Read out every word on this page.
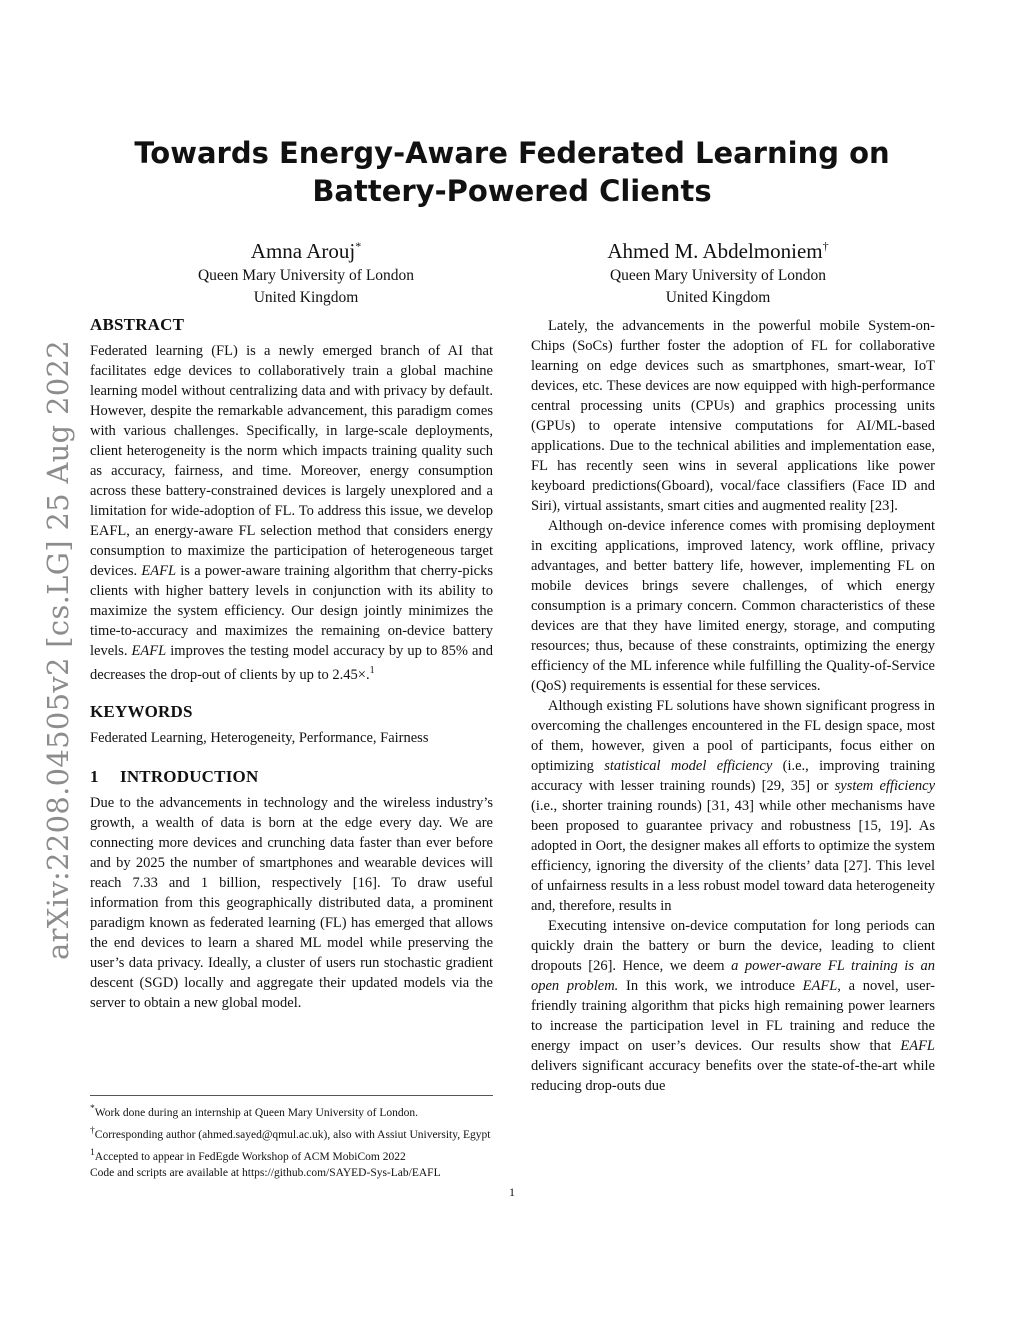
arXiv:2208.04505v2 [cs.LG] 25 Aug 2022
Towards Energy-Aware Federated Learning on
Battery-Powered Clients
Amna Arouj*
Queen Mary University of London
United Kingdom
Ahmed M. Abdelmoniem†
Queen Mary University of London
United Kingdom
ABSTRACT

Federated learning (FL) is a newly emerged branch of AI that facilitates edge devices to collaboratively train a global machine learning model without centralizing data and with privacy by default. However, despite the remarkable advancement, this paradigm comes with various challenges. Specifically, in large-scale deployments, client heterogeneity is the norm which impacts training quality such as accuracy, fairness, and time. Moreover, energy consumption across these battery-constrained devices is largely unexplored and a limitation for wide-adoption of FL. To address this issue, we develop EAFL, an energy-aware FL selection method that considers energy consumption to maximize the participation of heterogeneous target devices. EAFL is a power-aware training algorithm that cherry-picks clients with higher battery levels in conjunction with its ability to maximize the system efficiency. Our design jointly minimizes the time-to-accuracy and maximizes the remaining on-device battery levels. EAFL improves the testing model accuracy by up to 85% and decreases the drop-out of clients by up to 2.45×.$^1$

KEYWORDS

Federated Learning, Heterogeneity, Performance, Fairness

1 INTRODUCTION

Due to the advancements in technology and the wireless industry’s growth, a wealth of data is born at the edge every day. We are connecting more devices and crunching data faster than ever before and by 2025 the number of smartphones and wearable devices will reach 7.33 and 1 billion, respectively [16]. To draw useful information from this geographically distributed data, a prominent paradigm known as federated learning (FL) has emerged that allows the end devices to learn a shared ML model while preserving the user’s data privacy. Ideally, a cluster of users run stochastic gradient descent (SGD) locally and aggregate their updated models via the server to obtain a new global model.

Lately, the advancements in the powerful mobile System-on-Chips (SoCs) further foster the adoption of FL for collaborative learning on edge devices such as smartphones, smart-wear, IoT devices, etc. These devices are now equipped with high-performance central processing units (CPUs) and graphics processing units (GPUs) to operate intensive computations for AI/ML-based applications. Due to the technical abilities and implementation ease, FL has recently seen wins in several applications like power keyboard predictions(Gboard), vocal/face classifiers (Face ID and Siri), virtual assistants, smart cities and augmented reality [23].

Although on-device inference comes with promising deployment in exciting applications, improved latency, work offline, privacy advantages, and better battery life, however, implementing FL on mobile devices brings severe challenges, of which energy consumption is a primary concern. Common characteristics of these devices are that they have limited energy, storage, and computing resources; thus, because of these constraints, optimizing the energy efficiency of the ML inference while fulfilling the Quality-of-Service (QoS) requirements is essential for these services.

Although existing FL solutions have shown significant progress in overcoming the challenges encountered in the FL design space, most of them, however, given a pool of participants, focus either on optimizing statistical model efficiency (i.e., improving training accuracy with lesser training rounds) [29, 35] or system efficiency (i.e., shorter training rounds) [31, 43] while other mechanisms have been proposed to guarantee privacy and robustness [15, 19]. As adopted in Oort, the designer makes all efforts to optimize the system efficiency, ignoring the diversity of the clients’ data [27]. This level of unfairness results in a less robust model toward data heterogeneity and, therefore, results in

Executing intensive on-device computation for long periods can quickly drain the battery or burn the device, leading to client dropouts [26]. Hence, we deem a power-aware FL training is an open problem. In this work, we introduce EAFL, a novel, user-friendly training algorithm that picks high remaining power learners to increase the participation level in FL training and reduce the energy impact on user’s devices. Our results show that EAFL delivers significant accuracy benefits over the state-of-the-art while reducing drop-outs due

*Work done during an internship at Queen Mary University of London.
†Corresponding author (ahmed.sayed@qmul.ac.uk), also with Assiut University, Egypt
$^1$Accepted to appear in FedEgde Workshop of ACM MobiCom 2022
Code and scripts are available at https://github.com/SAYED-Sys-Lab/EAFL
1
